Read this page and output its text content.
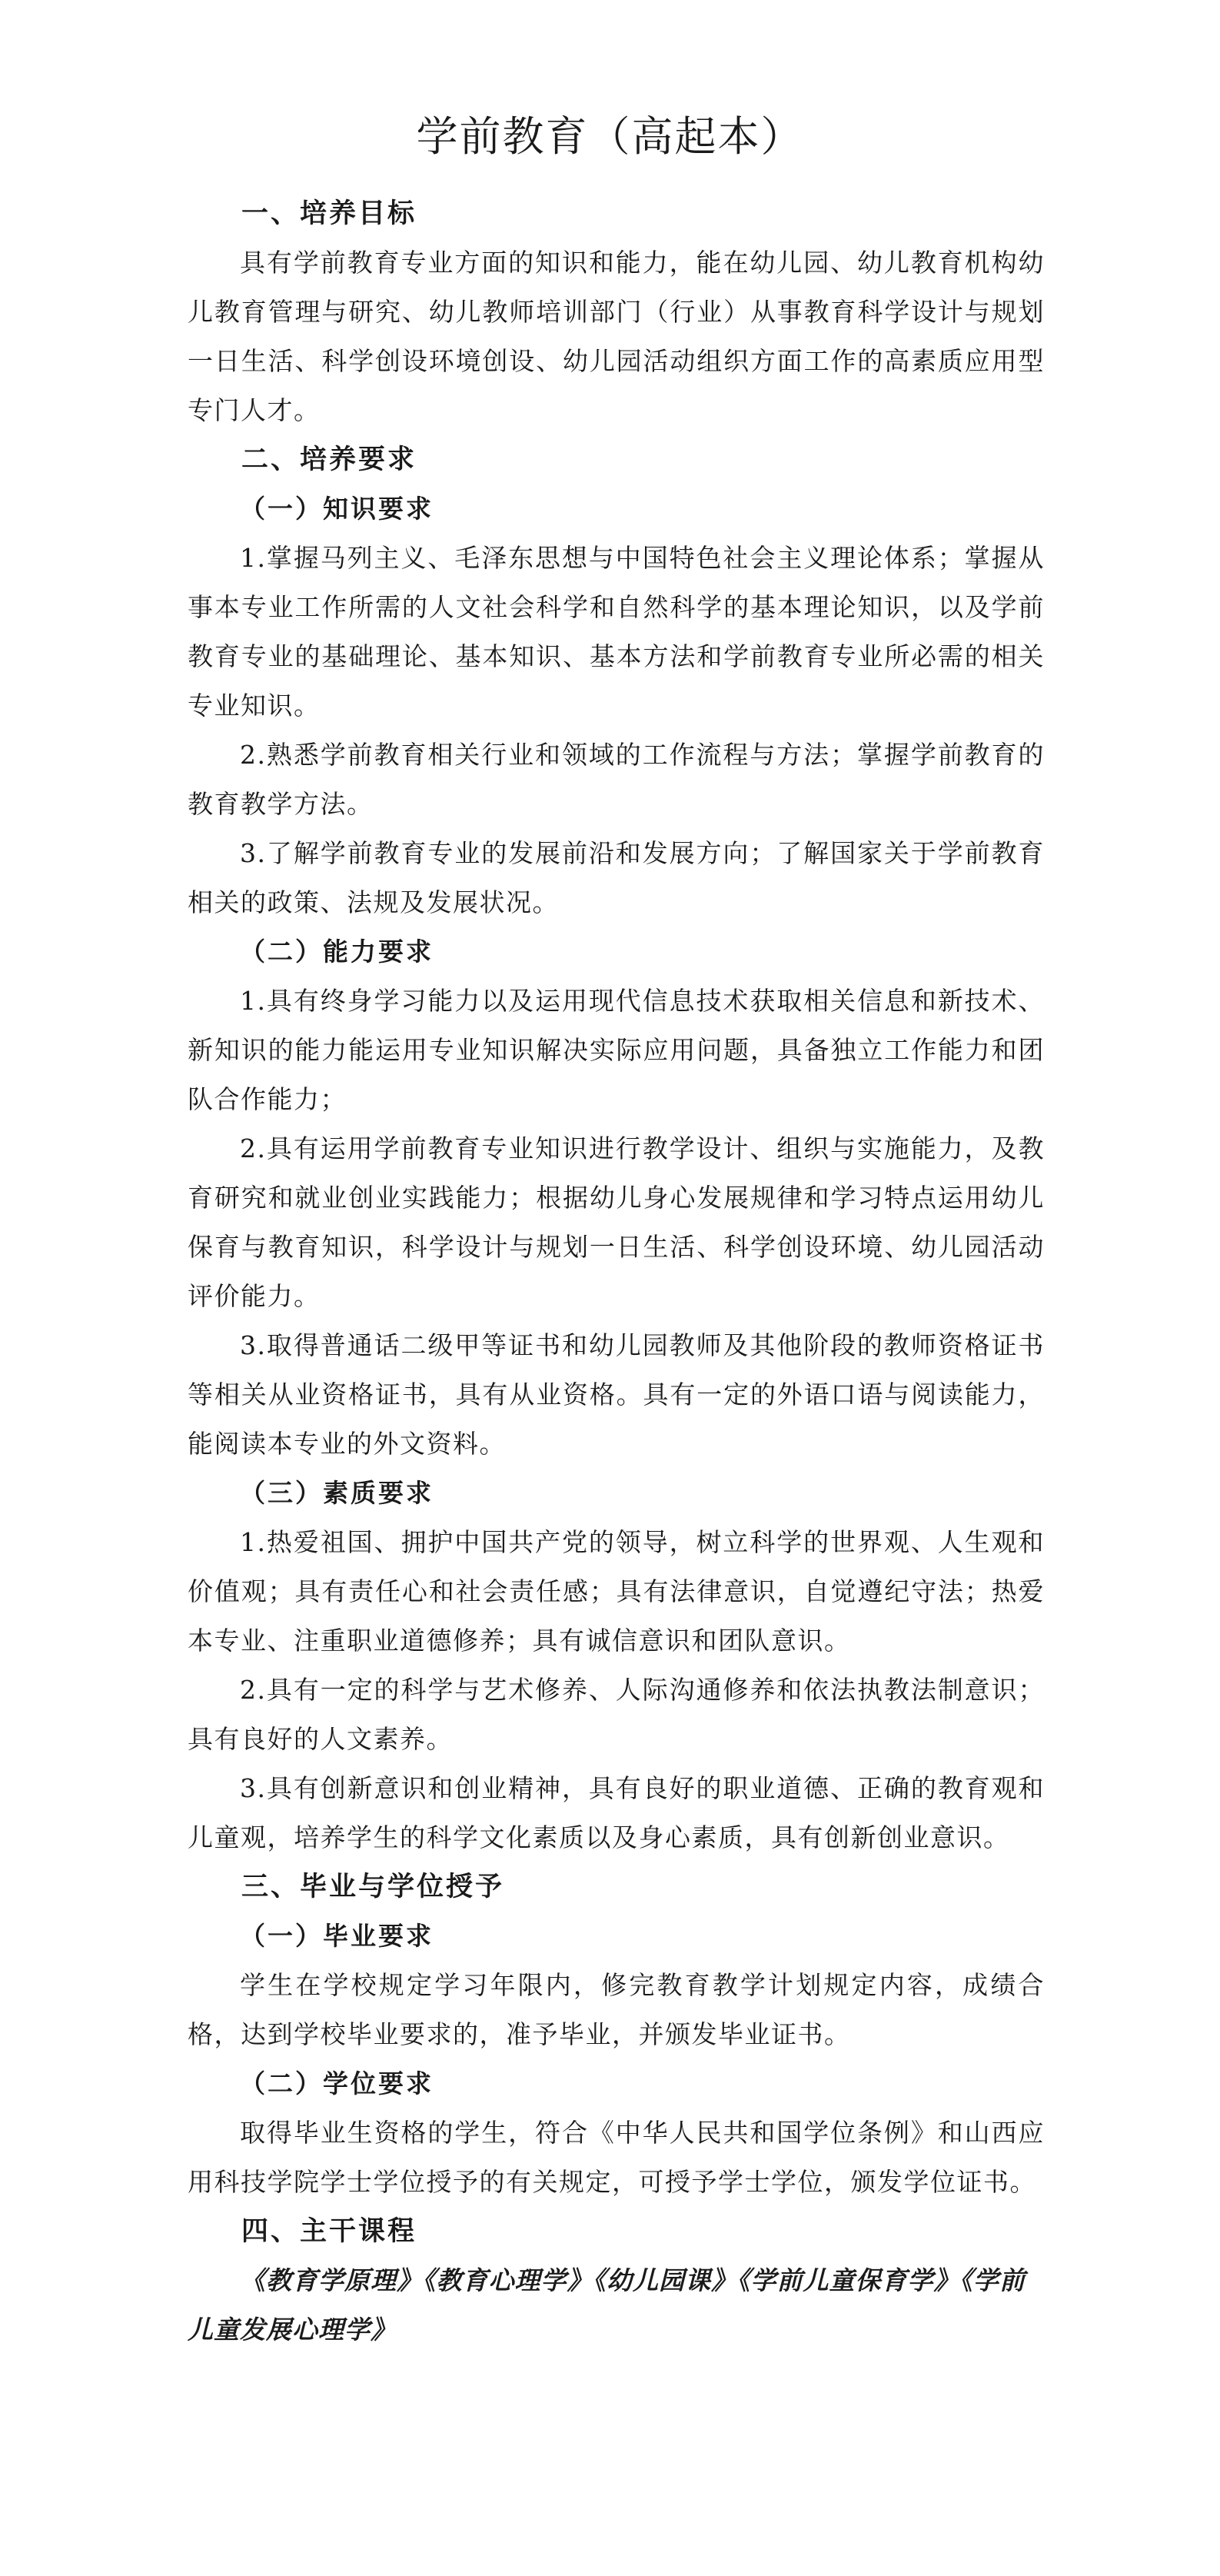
学前教育（高起本）

一、培养目标

具有学前教育专业方面的知识和能力，能在幼儿园、幼儿教育机构幼儿教育管理与研究、幼儿教师培训部门（行业）从事教育科学设计与规划一日生活、科学创设环境创设、幼儿园活动组织方面工作的高素质应用型专门人才。

二、培养要求

（一）知识要求

1.掌握马列主义、毛泽东思想与中国特色社会主义理论体系；掌握从事本专业工作所需的人文社会科学和自然科学的基本理论知识，以及学前教育专业的基础理论、基本知识、基本方法和学前教育专业所必需的相关专业知识。

2.熟悉学前教育相关行业和领域的工作流程与方法；掌握学前教育的教育教学方法。

3.了解学前教育专业的发展前沿和发展方向；了解国家关于学前教育相关的政策、法规及发展状况。

（二）能力要求

1.具有终身学习能力以及运用现代信息技术获取相关信息和新技术、新知识的能力能运用专业知识解决实际应用问题，具备独立工作能力和团队合作能力；

2.具有运用学前教育专业知识进行教学设计、组织与实施能力，及教育研究和就业创业实践能力；根据幼儿身心发展规律和学习特点运用幼儿保育与教育知识，科学设计与规划一日生活、科学创设环境、幼儿园活动评价能力。

3.取得普通话二级甲等证书和幼儿园教师及其他阶段的教师资格证书等相关从业资格证书，具有从业资格。具有一定的外语口语与阅读能力，能阅读本专业的外文资料。

（三）素质要求

1.热爱祖国、拥护中国共产党的领导，树立科学的世界观、人生观和价值观；具有责任心和社会责任感；具有法律意识，自觉遵纪守法；热爱本专业、注重职业道德修养；具有诚信意识和团队意识。

2.具有一定的科学与艺术修养、人际沟通修养和依法执教法制意识；具有良好的人文素养。

3.具有创新意识和创业精神，具有良好的职业道德、正确的教育观和儿童观，培养学生的科学文化素质以及身心素质，具有创新创业意识。

三、毕业与学位授予

（一）毕业要求

学生在学校规定学习年限内，修完教育教学计划规定内容，成绩合格，达到学校毕业要求的，准予毕业，并颁发毕业证书。

（二）学位要求

取得毕业生资格的学生，符合《中华人民共和国学位条例》和山西应用科技学院学士学位授予的有关规定，可授予学士学位，颁发学位证书。

四、主干课程

《教育学原理》《教育心理学》《幼儿园课》《学前儿童保育学》《学前儿童发展心理学》
